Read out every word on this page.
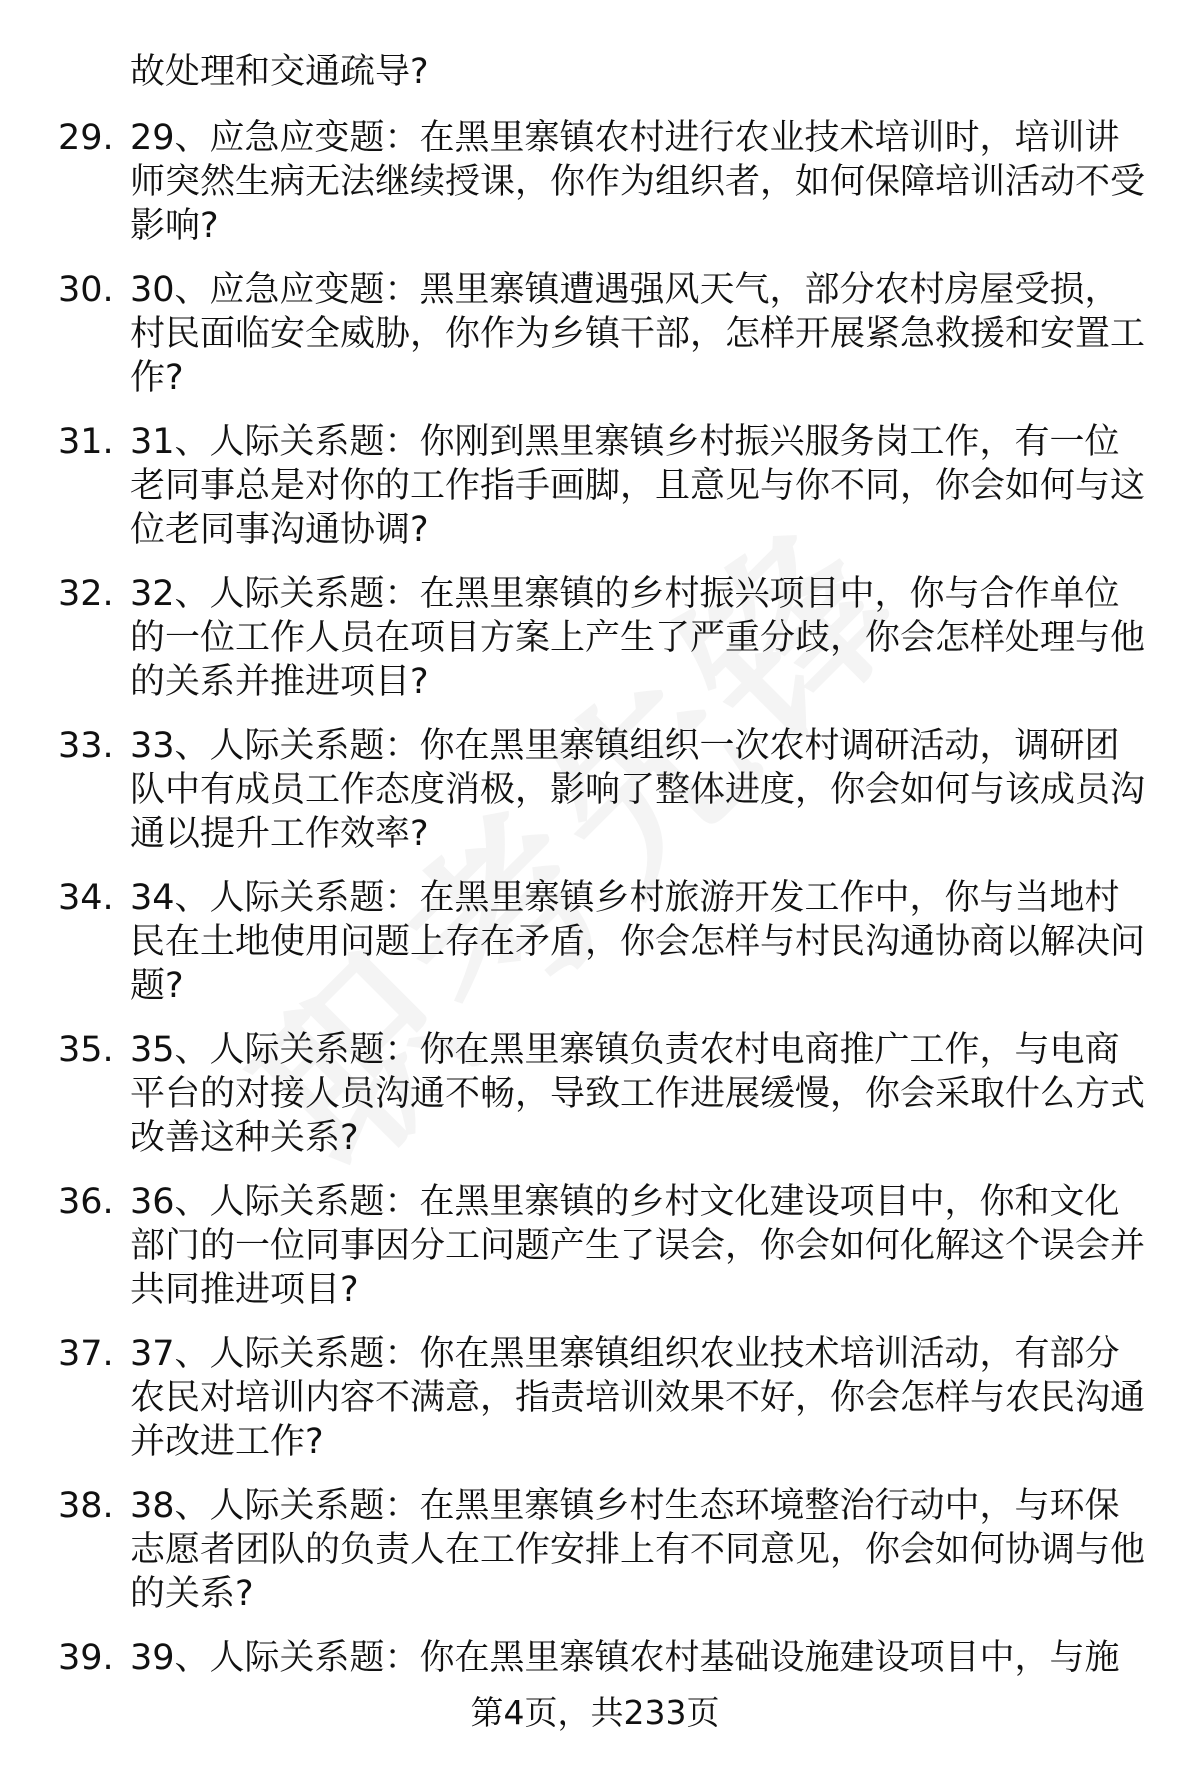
故处理和交通疏导?
29. 29、应急应变题：在黑里寨镇农村进行农业技术培训时，培训讲师突然生病无法继续授课，你作为组织者，如何保障培训活动不受影响?
30. 30、应急应变题：黑里寨镇遭遇强风天气，部分农村房屋受损，村民面临安全威胁，你作为乡镇干部，怎样开展紧急救援和安置工作?
31. 31、人际关系题：你刚到黑里寨镇乡村振兴服务岗工作，有一位老同事总是对你的工作指手画脚，且意见与你不同，你会如何与这位老同事沟通协调?
32. 32、人际关系题：在黑里寨镇的乡村振兴项目中，你与合作单位的一位工作人员在项目方案上产生了严重分歧，你会怎样处理与他的关系并推进项目?
33. 33、人际关系题：你在黑里寨镇组织一次农村调研活动，调研团队中有成员工作态度消极，影响了整体进度，你会如何与该成员沟通以提升工作效率?
34. 34、人际关系题：在黑里寨镇乡村旅游开发工作中，你与当地村民在土地使用问题上存在矛盾，你会怎样与村民沟通协商以解决问题?
35. 35、人际关系题：你在黑里寨镇负责农村电商推广工作，与电商平台的对接人员沟通不畅，导致工作进展缓慢，你会采取什么方式改善这种关系?
36. 36、人际关系题：在黑里寨镇的乡村文化建设项目中，你和文化部门的一位同事因分工问题产生了误会，你会如何化解这个误会并共同推进项目?
37. 37、人际关系题：你在黑里寨镇组织农业技术培训活动，有部分农民对培训内容不满意，指责培训效果不好，你会怎样与农民沟通并改进工作?
38. 38、人际关系题：在黑里寨镇乡村生态环境整治行动中，与环保志愿者团队的负责人在工作安排上有不同意见，你会如何协调与他的关系?
39. 39、人际关系题：你在黑里寨镇农村基础设施建设项目中，与施
第4页，共233页
